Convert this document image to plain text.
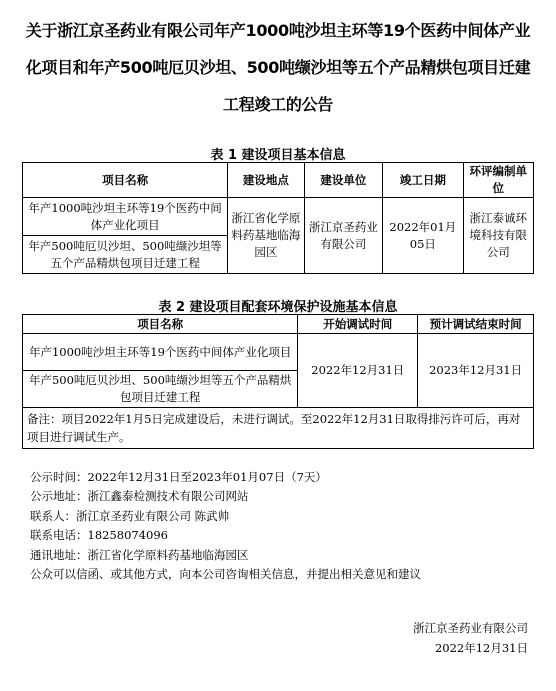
关于浙江京圣药业有限公司年产1000吨沙坦主环等19个医药中间体产业化项目和年产500吨厄贝沙坦、500吨缬沙坦等五个产品精烘包项目迁建工程竣工的公告
表 1 建设项目基本信息
项目名称	建设地点	建设单位	竣工日期	环评编制单位
年产1000吨沙坦主环等19个医药中间体产业化项目	浙江省化学原料药基地临海园区	浙江京圣药业有限公司	2022年01月05日	浙江泰诚环境科技有限公司
年产500吨厄贝沙坦、500吨缬沙坦等五个产品精烘包项目迁建工程				
表 2 建设项目配套环境保护设施基本信息
项目名称	开始调试时间	预计调试结束时间
年产1000吨沙坦主环等19个医药中间体产业化项目	2022年12月31日	2023年12月31日
年产500吨厄贝沙坦、500吨缬沙坦等五个产品精烘包项目迁建工程		
备注：项目2022年1月5日完成建设后，未进行调试。至2022年12月31日取得排污许可后，再对项目进行调试生产。		
公示时间：2022年12月31日至2023年01月07日（7天）
公示地址：浙江鑫泰检测技术有限公司网站
联系人：浙江京圣药业有限公司 陈武帅
联系电话：18258074096
通讯地址：浙江省化学原料药基地临海园区
公众可以信函、或其他方式，向本公司咨询相关信息，并提出相关意见和建议
浙江京圣药业有限公司
2022年12月31日
